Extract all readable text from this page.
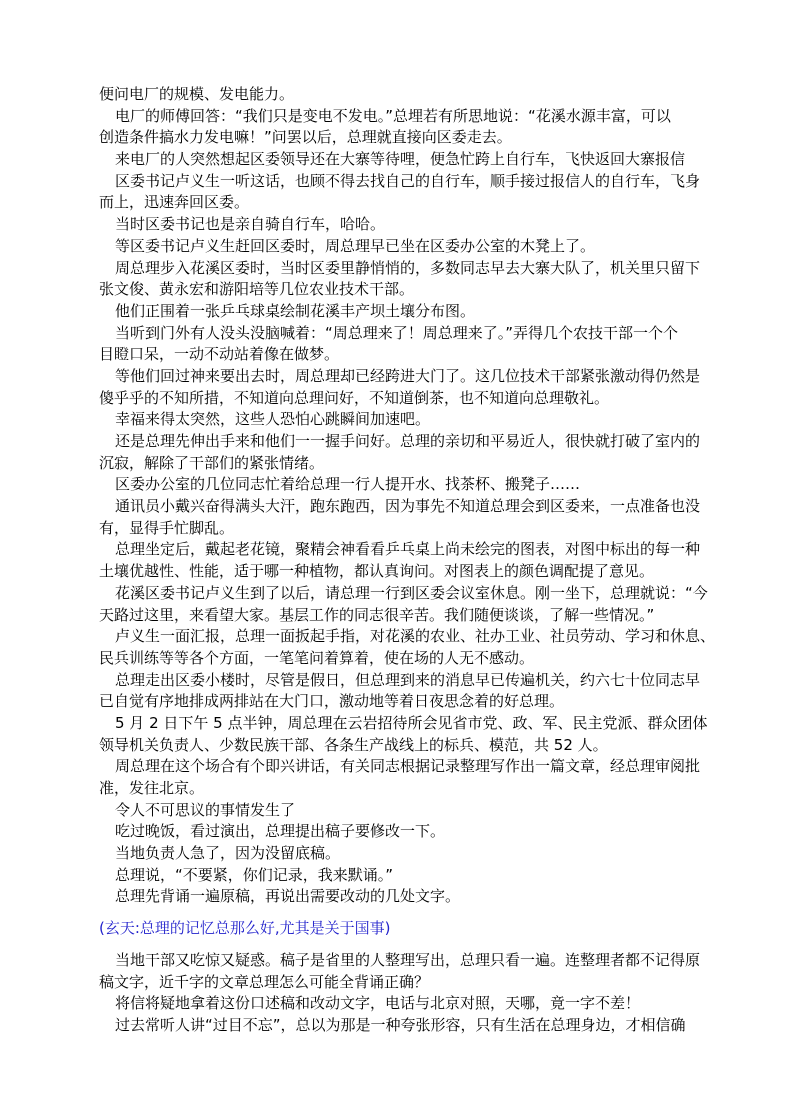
便问电厂的规模、发电能力。
电厂的师傅回答：“我们只是变电不发电。”总埋若有所思地说：“花溪水源丰富，可以
创造条件搞水力发电嘛！”问罢以后，总理就直接向区委走去。
来电厂的人突然想起区委领导还在大寨等待哩，便急忙跨上自行车，飞快返回大寨报信
区委书记卢义生一听这话，也顾不得去找自己的自行车，顺手接过报信人的自行车，飞身
而上，迅速奔回区委。
当时区委书记也是亲自骑自行车，哈哈。
等区委书记卢义生赶回区委时，周总理早已坐在区委办公室的木凳上了。
周总理步入花溪区委时，当时区委里静悄悄的，多数同志早去大寨大队了，机关里只留下
张文俊、黄永宏和游阳培等几位农业技术干部。
他们正围着一张乒乓球桌绘制花溪丰产坝土壤分布图。
当听到门外有人没头没脑喊着：“周总理来了！周总理来了。”弄得几个农技干部一个个
目瞪口呆，一动不动站着像在做梦。
等他们回过神来要出去时，周总理却已经跨进大门了。这几位技术干部紧张激动得仍然是
傻乎乎的不知所措，不知道向总理问好，不知道倒茶，也不知道向总理敬礼。
幸福来得太突然，这些人恐怕心跳瞬间加速吧。
还是总理先伸出手来和他们一一握手问好。总理的亲切和平易近人，很快就打破了室内的
沉寂，解除了干部们的紧张情绪。
区委办公室的几位同志忙着给总理一行人提开水、找茶杯、搬凳子……
通讯员小戴兴奋得满头大汗，跑东跑西，因为事先不知道总理会到区委来，一点准备也没
有，显得手忙脚乱。
总理坐定后，戴起老花镜，聚精会神看看乒乓桌上尚未绘完的图表，对图中标出的每一种
土壤优越性、性能，适于哪一种植物，都认真询问。对图表上的颜色调配提了意见。
花溪区委书记卢义生到了以后，请总理一行到区委会议室休息。刚一坐下，总理就说：“今
天路过这里，来看望大家。基层工作的同志很辛苦。我们随便谈谈，了解一些情况。”
卢义生一面汇报，总理一面扳起手指，对花溪的农业、社办工业、社员劳动、学习和休息、
民兵训练等等各个方面，一笔笔问着算着，使在场的人无不感动。
总理走出区委小楼时，尽管是假日，但总理到来的消息早已传遍机关，约六七十位同志早
已自觉有序地排成两排站在大门口，激动地等着日夜思念着的好总理。
5 月 2 日下午 5 点半钟，周总理在云岩招待所会见省市党、政、军、民主党派、群众团体
领导机关负责人、少数民族干部、各条生产战线上的标兵、模范，共 52 人。
周总理在这个场合有个即兴讲话，有关同志根据记录整理写作出一篇文章，经总理审阅批
准，发往北京。
令人不可思议的事情发生了
吃过晚饭，看过演出，总理提出稿子要修改一下。
当地负责人急了，因为没留底稿。
总理说，“不要紧，你们记录，我来默诵。”
总理先背诵一遍原稿，再说出需要改动的几处文字。
(玄天:总理的记忆总那么好,尤其是关于国事)
当地干部又吃惊又疑惑。稿子是省里的人整理写出，总理只看一遍。连整理者都不记得原
稿文字，近千字的文章总理怎么可能全背诵正确？
将信将疑地拿着这份口述稿和改动文字，电话与北京对照，天哪，竟一字不差！
过去常听人讲“过目不忘”，总以为那是一种夸张形容，只有生活在总理身边，才相信确
